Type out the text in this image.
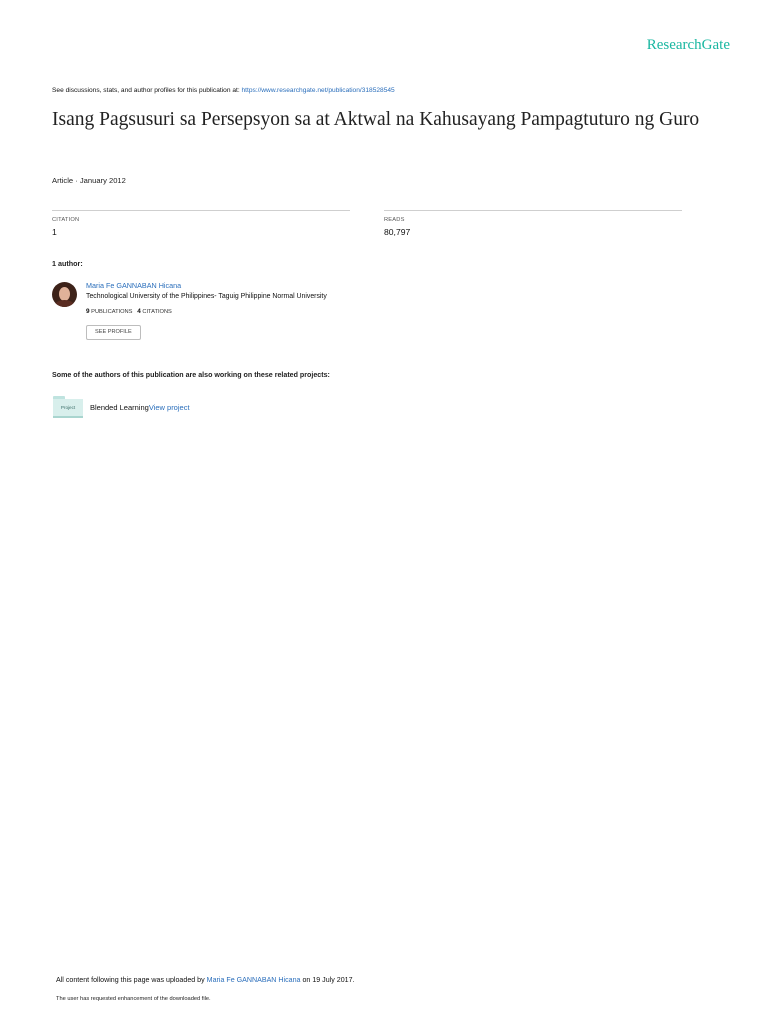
ResearchGate
See discussions, stats, and author profiles for this publication at: https://www.researchgate.net/publication/318528545
Isang Pagsusuri sa Persepsyon sa at Aktwal na Kahusayang Pampagtuturo ng Guro
Article · January 2012
CITATION
1
READS
80,797
1 author:
Maria Fe GANNABAN Hicana
Technological University of the Philippines- Taguig Philippine Normal University
9 PUBLICATIONS 4 CITATIONS
SEE PROFILE
Some of the authors of this publication are also working on these related projects:
Project	Blended LearningView project
All content following this page was uploaded by Maria Fe GANNABAN Hicana on 19 July 2017.
The user has requested enhancement of the downloaded file.
